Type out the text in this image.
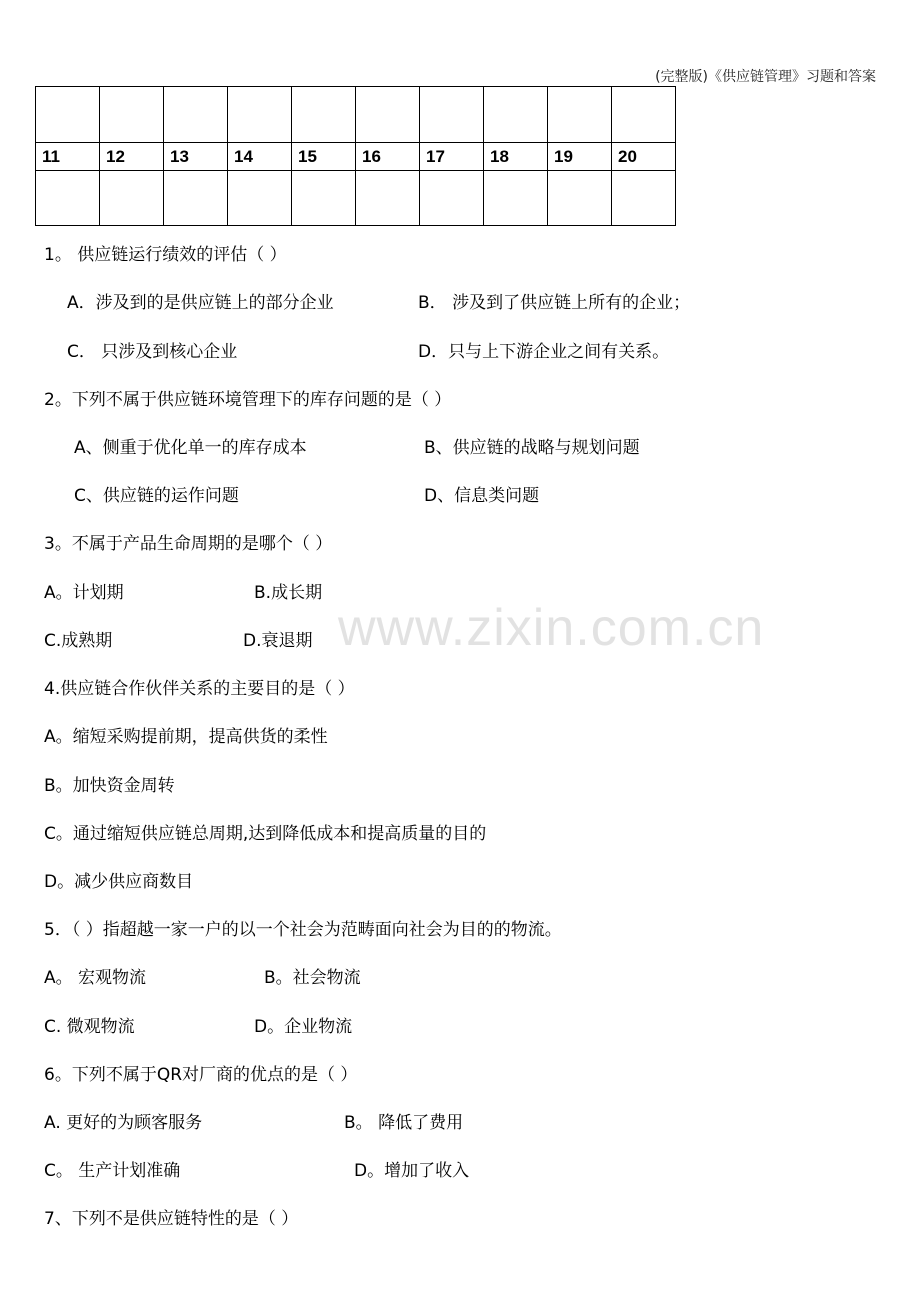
(完整版)《供应链管理》习题和答案

11	12	13	14	15	16	17	18	19	20

www.zixin.com.cn
1。 供应链运行绩效的评估（ ）
A．涉及到的是供应链上的部分企业	B． 涉及到了供应链上所有的企业；
C． 只涉及到核心企业	D．只与上下游企业之间有关系。
2。下列不属于供应链环境管理下的库存问题的是（ ）
A、侧重于优化单一的库存成本	B、供应链的战略与规划问题
C、供应链的运作问题	D、信息类问题
3。不属于产品生命周期的是哪个（ ）
A。计划期	B.成长期
C.成熟期	D.衰退期
4.供应链合作伙伴关系的主要目的是（ ）
A。缩短采购提前期，提高供货的柔性
B。加快资金周转
C。通过缩短供应链总周期,达到降低成本和提高质量的目的
D。减少供应商数目
5．（ ）指超越一家一户的以一个社会为范畴面向社会为目的的物流。
A。 宏观物流	B。社会物流
C. 微观物流	D。企业物流
6。下列不属于QR对厂商的优点的是（ ）
A. 更好的为顾客服务	B。 降低了费用
C。 生产计划准确	D。增加了收入
7、下列不是供应链特性的是（ ）
